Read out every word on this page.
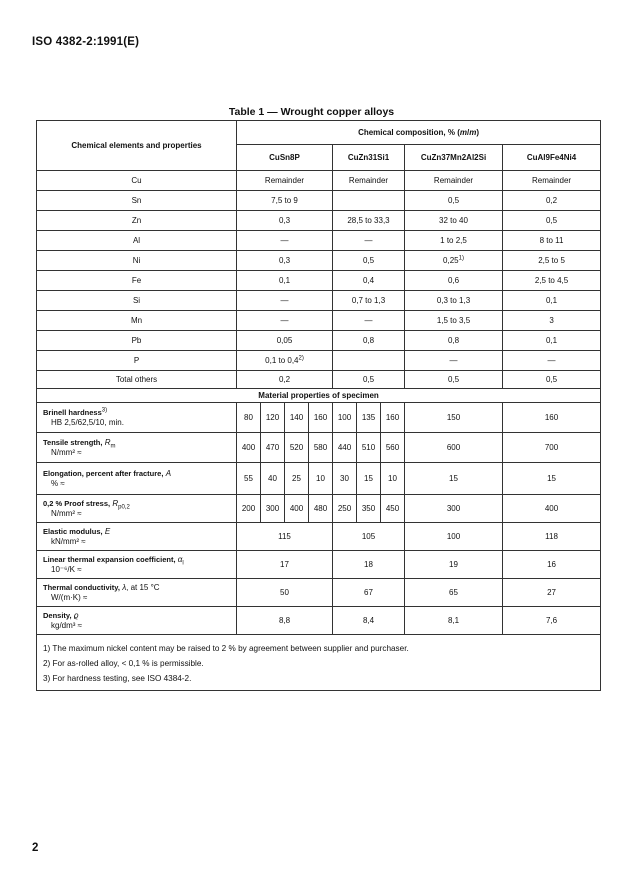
ISO 4382-2:1991(E)
Table 1 — Wrought copper alloys
Chemical elements and properties	Chemical composition, % (m/m)								
	CuSn8P				CuZn31Si1			CuZn37Mn2Al2Si	CuAl9Fe4Ni4
Cu	Remainder				Remainder			Remainder	Remainder
Sn	7,5 to 9							0,5	0,2
Zn	0,3				28,5 to 33,3			32 to 40	0,5
Al	—				—			1 to 2,5	8 to 11
Ni	0,3				0,5			0,25$^{1)}$	2,5 to 5
Fe	0,1				0,4			0,6	2,5 to 4,5
Si	—				0,7 to 1,3			0,3 to 1,3	0,1
Mn	—				—			1,5 to 3,5	3
Pb	0,05				0,8			0,8	0,1
P	0,1 to 0,4$^{2)}$							—	—
Total others	0,2				0,5			0,5	0,5
Material properties of specimen									
Brinell hardness$^{3)}$
HB 2,5/62,5/10, min.	80	120	140	160	100	135	160	150	160
Tensile strength, $R_m$
N/mm² ≈	400	470	520	580	440	510	560	600	700
Elongation, percent after fracture, A
% ≈	55	40	25	10	30	15	10	15	15
0,2 % Proof stress, $R_{p0,2}$
N/mm² ≈	200	300	400	480	250	350	450	300	400
Elastic modulus, E
kN/mm² ≈	115				105			100	118
Linear thermal expansion coefficient, $\alpha_l$
10⁻⁶/K ≈	17				18			19	16
Thermal conductivity, λ, at 15 °C
W/(m·K) ≈	50				67			65	27
Density, ϱ
kg/dm³ ≈	8,8				8,4			8,1	7,6

1) The maximum nickel content may be raised to 2 % by agreement between supplier and purchaser.
2) For as-rolled alloy, < 0,1 % is permissible.
3) For hardness testing, see ISO 4384-2.									
2
